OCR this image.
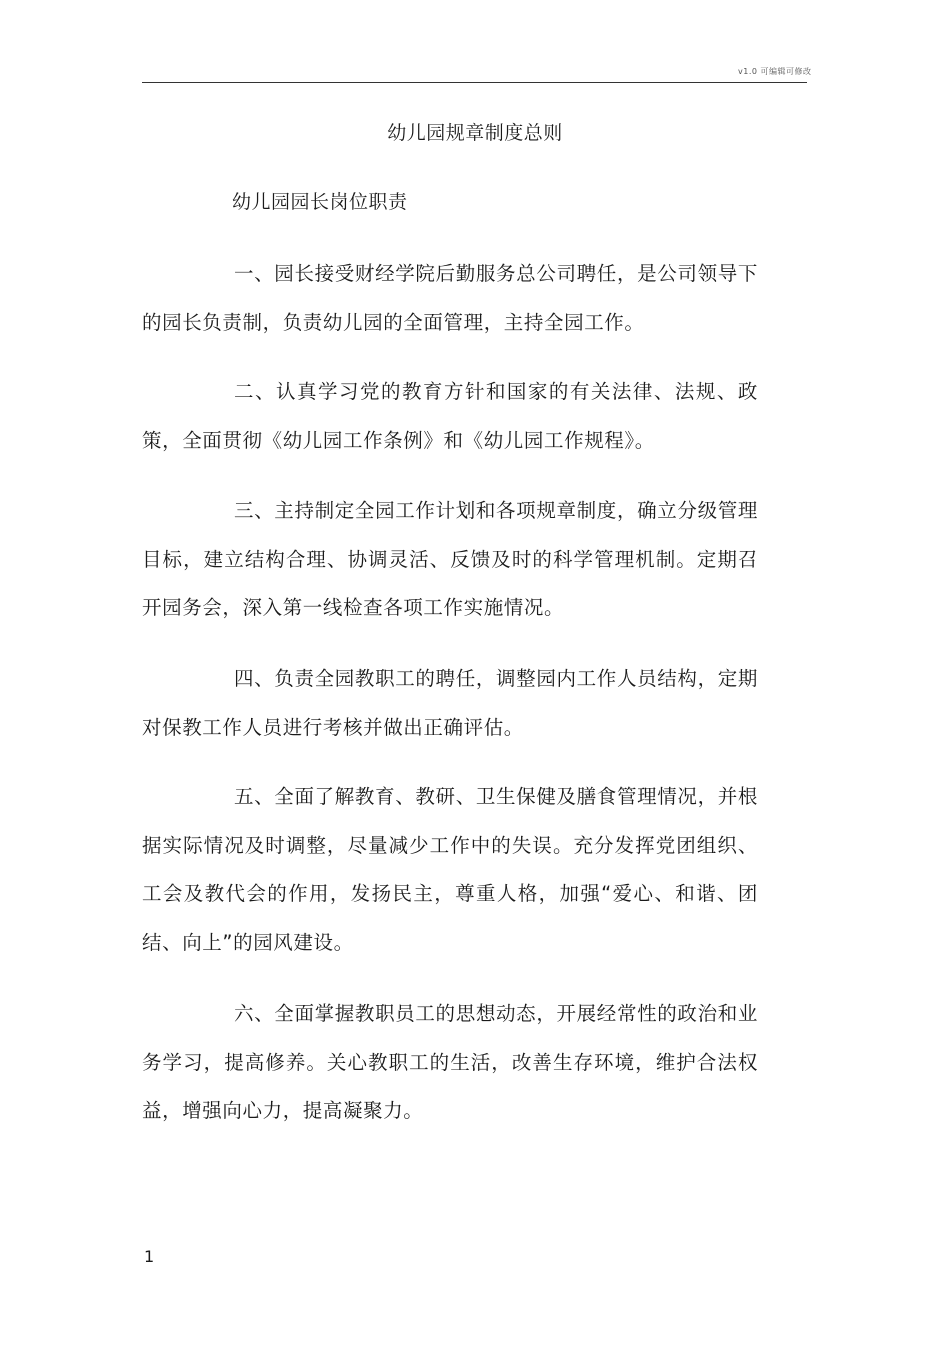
v1.0 可编辑可修改
幼儿园规章制度总则
幼儿园园长岗位职责

一、园长接受财经学院后勤服务总公司聘任，是公司领导下的园长负责制，负责幼儿园的全面管理，主持全园工作。

二、认真学习党的教育方针和国家的有关法律、法规、政策，全面贯彻《幼儿园工作条例》和《幼儿园工作规程》。

三、主持制定全园工作计划和各项规章制度，确立分级管理目标，建立结构合理、协调灵活、反馈及时的科学管理机制。定期召开园务会，深入第一线检查各项工作实施情况。

四、负责全园教职工的聘任，调整园内工作人员结构，定期对保教工作人员进行考核并做出正确评估。

五、全面了解教育、教研、卫生保健及膳食管理情况，并根据实际情况及时调整，尽量减少工作中的失误。充分发挥党团组织、工会及教代会的作用，发扬民主，尊重人格，加强“爱心、和谐、团结、向上”的园风建设。

六、全面掌握教职员工的思想动态，开展经常性的政治和业务学习，提高修养。关心教职工的生活，改善生存环境，维护合法权益，增强向心力，提高凝聚力。

1
